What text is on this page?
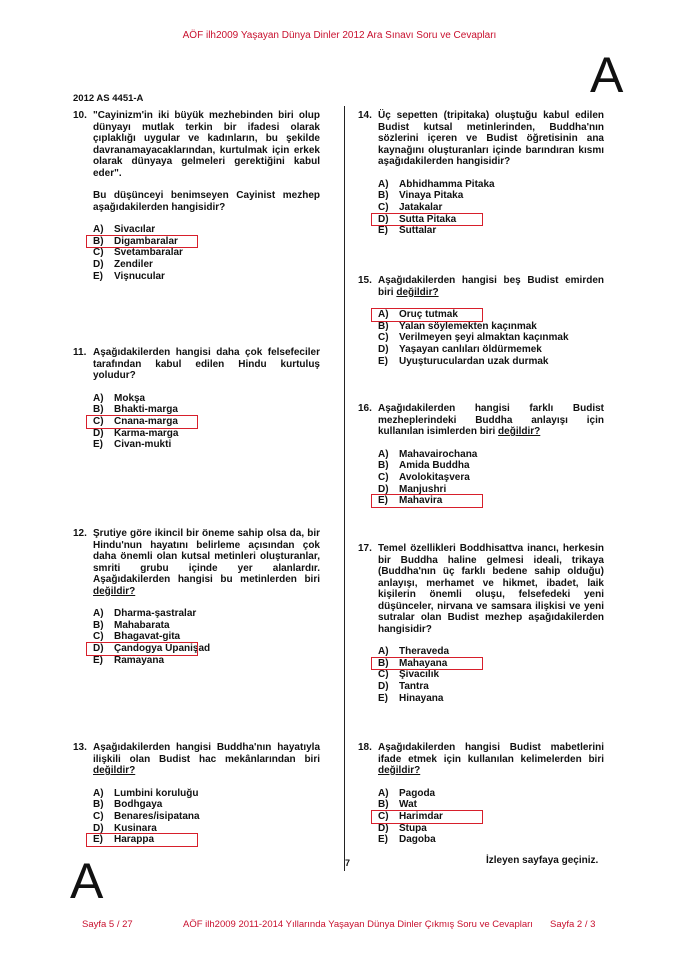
AÖF ilh2009 Yaşayan Dünya Dinler 2012 Ara Sınavı Soru ve Cevapları
A
2012 AS 4451-A
10. "Cayinizm'in iki büyük mezhebinden biri olup dünyayı mutlak terkin bir ifadesi olarak çıplaklığı uygular ve kadınların, bu şekilde davranamayacaklarından, kurtulmak için erkek olarak dünyaya gelmeleri gerektiğini kabul eder".
Bu düşünceyi benimseyen Cayinist mezhep aşağıdakilerden hangisidir?
A)	Sivacılar
B)	Digambaralar
C)	Svetambaralar
D)	Zendiler
E)	Vişnucular
11. Aşağıdakilerden hangisi daha çok felsefeciler tarafından kabul edilen Hindu kurtuluş yoludur?
A)	Mokşa
B)	Bhakti-marga
C)	Cnana-marga
D)	Karma-marga
E)	Civan-mukti
12. Şrutiye göre ikincil bir öneme sahip olsa da, bir Hindu'nun hayatını belirleme açısından çok daha önemli olan kutsal metinleri oluşturanlar, smriti grubu içinde yer alanlardır. Aşağıdakilerden hangisi bu metinlerden biri değildir?
A)	Dharma-şastralar
B)	Mahabarata
C)	Bhagavat-gita
D)	Çandogya Üpanişad
E)	Ramayana
13. Aşağıdakilerden hangisi Buddha'nın hayatıyla ilişkili olan Budist hac mekânlarından biri değildir?
A)	Lumbini koruluğu
B)	Bodhgaya
C)	Benares/isipatana
D)	Kusinara
E)	Harappa
14. Üç sepetten (tripitaka) oluştuğu kabul edilen Budist kutsal metinlerinden, Buddha'nın sözlerini içeren ve Budist öğretisinin ana kaynağını oluşturanları içinde barındıran kısmı aşağıdakilerden hangisidir?
A)	Abhidhamma Pitaka
B)	Vinaya Pitaka
C)	Jatakalar
D)	Sutta Pitaka
E)	Suttalar
15. Aşağıdakilerden hangisi beş Budist emirden biri değildir?
A)	Oruç tutmak
B)	Yalan söylemekten kaçınmak
C)	Verilmeyen şeyi almaktan kaçınmak
D)	Yaşayan canlıları öldürmemek
E)	Uyuşturuculardan uzak durmak
16. Aşağıdakilerden hangisi farklı Budist mezheplerindeki Buddha anlayışı için kullanılan isimlerden biri değildir?
A)	Mahavairochana
B)	Amida Buddha
C)	Avolokitaşvera
D)	Manjushri
E)	Mahavira
17. Temel özellikleri Boddhisattva inancı, herkesin bir Buddha haline gelmesi ideali, trikaya (Buddha'nın üç farklı bedene sahip olduğu) anlayışı, merhamet ve hikmet, ibadet, laik kişilerin önemli oluşu, felsefedeki yeni düşünceler, nirvana ve samsara ilişkisi ve yeni sutralar olan Budist mezhep aşağıdakilerden hangisidir?
A)	Theraveda
B)	Mahayana
C)	Şivacılık
D)	Tantra
E)	Hinayana
18. Aşağıdakilerden hangisi Budist mabetlerini ifade etmek için kullanılan kelimelerden biri değildir?
A)	Pagoda
B)	Wat
C)	Harimdar
D)	Stupa
E)	Dagoba
7	İzleyen sayfaya geçiniz.
A
Sayfa 5 / 27	AÖF ilh2009 2011-2014 Yıllarında Yaşayan Dünya Dinler Çıkmış Soru ve Cevapları Sayfa 2 / 3
